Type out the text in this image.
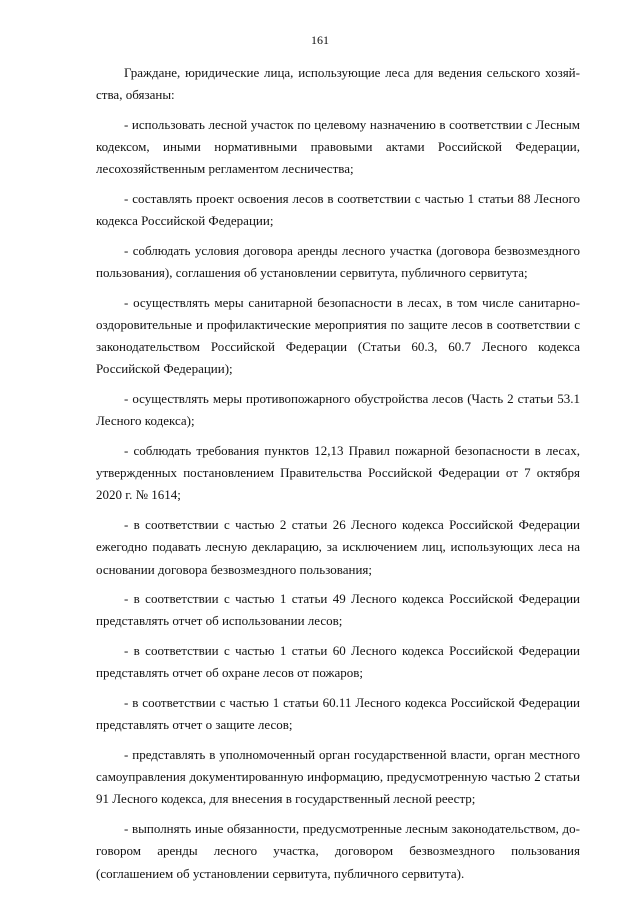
161

Граждане, юридические лица, использующие леса для ведения сельского хозяйства, обязаны:

- использовать лесной участок по целевому назначению в соответствии с Лесным кодексом, иными нормативными правовыми актами Российской Федерации, лесохозяйственным регламентом лесничества;

- составлять проект освоения лесов в соответствии с частью 1 статьи 88 Лесного кодекса Российской Федерации;

- соблюдать условия договора аренды лесного участка (договора безвозмездного пользования), соглашения об установлении сервитута, публичного сервитута;

- осуществлять меры санитарной безопасности в лесах, в том числе санитарно-оздоровительные и профилактические мероприятия по защите лесов в соответствии с законодательством Российской Федерации (Статьи 60.3, 60.7 Лесного кодекса Российской Федерации);

- осуществлять меры противопожарного обустройства лесов (Часть 2 статьи 53.1 Лесного кодекса);

- соблюдать требования пунктов 12,13 Правил пожарной безопасности в лесах, утвержденных постановлением Правительства Российской Федерации от 7 октября 2020 г. № 1614;

- в соответствии с частью 2 статьи 26 Лесного кодекса Российской Федерации ежегодно подавать лесную декларацию, за исключением лиц, использующих леса на основании договора безвозмездного пользования;

- в соответствии с частью 1 статьи 49 Лесного кодекса Российской Федерации представлять отчет об использовании лесов;

- в соответствии с частью 1 статьи 60 Лесного кодекса Российской Федерации представлять отчет об охране лесов от пожаров;

- в соответствии с частью 1 статьи 60.11 Лесного кодекса Российской Федерации представлять отчет о защите лесов;

- представлять в уполномоченный орган государственной власти, орган местного самоуправления документированную информацию, предусмотренную частью 2 статьи 91 Лесного кодекса, для внесения в государственный лесной реестр;

- выполнять иные обязанности, предусмотренные лесным законодательством, договором аренды лесного участка, договором безвозмездного пользования (соглашением об установлении сервитута, публичного сервитута).
